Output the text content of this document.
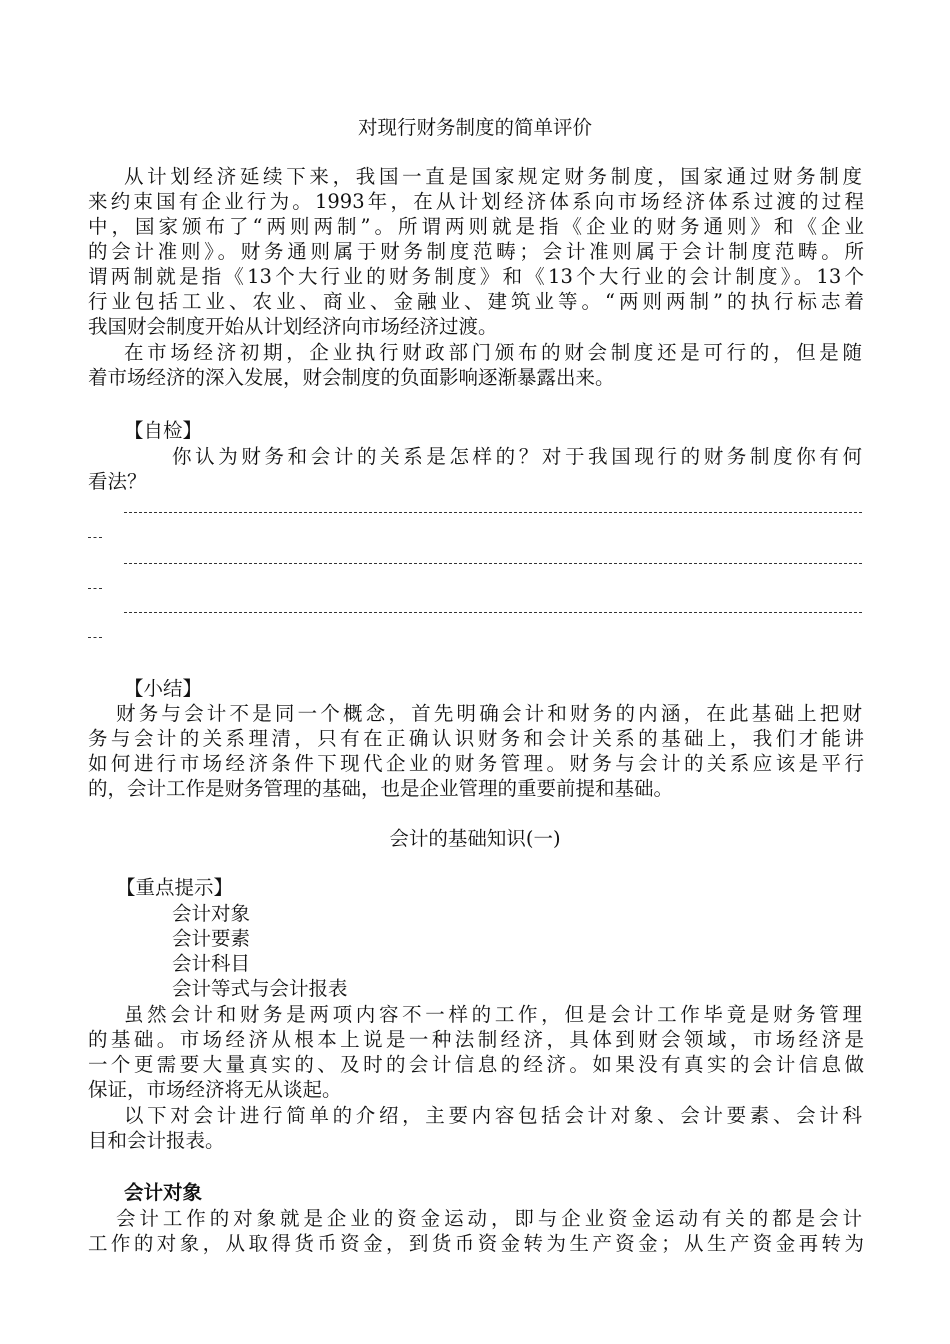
对现行财务制度的简单评价
从计划经济延续下来，我国一直是国家规定财务制度，国家通过财务制度
来约束国有企业行为。1993年，在从计划经济体系向市场经济体系过渡的过程
中，国家颁布了“两则两制”。所谓两则就是指《企业的财务通则》和《企业
的会计准则》。财务通则属于财务制度范畴；会计准则属于会计制度范畴。所
谓两制就是指《13个大行业的财务制度》和《13个大行业的会计制度》。13个
行业包括工业、农业、商业、金融业、建筑业等。“两则两制”的执行标志着
我国财会制度开始从计划经济向市场经济过渡。
在市场经济初期，企业执行财政部门颁布的财会制度还是可行的，但是随
着市场经济的深入发展，财会制度的负面影响逐渐暴露出来。
【自检】
你认为财务和会计的关系是怎样的？对于我国现行的财务制度你有何
看法？
【小结】
财务与会计不是同一个概念，首先明确会计和财务的内涵，在此基础上把财
务与会计的关系理清，只有在正确认识财务和会计关系的基础上，我们才能讲
如何进行市场经济条件下现代企业的财务管理。财务与会计的关系应该是平行
的，会计工作是财务管理的基础，也是企业管理的重要前提和基础。
会计的基础知识(一)
【重点提示】
会计对象
会计要素
会计科目
会计等式与会计报表
虽然会计和财务是两项内容不一样的工作，但是会计工作毕竟是财务管理
的基础。市场经济从根本上说是一种法制经济，具体到财会领域，市场经济是
一个更需要大量真实的、及时的会计信息的经济。如果没有真实的会计信息做
保证，市场经济将无从谈起。
以下对会计进行简单的介绍，主要内容包括会计对象、会计要素、会计科
目和会计报表。
会计对象
会计工作的对象就是企业的资金运动，即与企业资金运动有关的都是会计
工作的对象，从取得货币资金，到货币资金转为生产资金；从生产资金再转为
